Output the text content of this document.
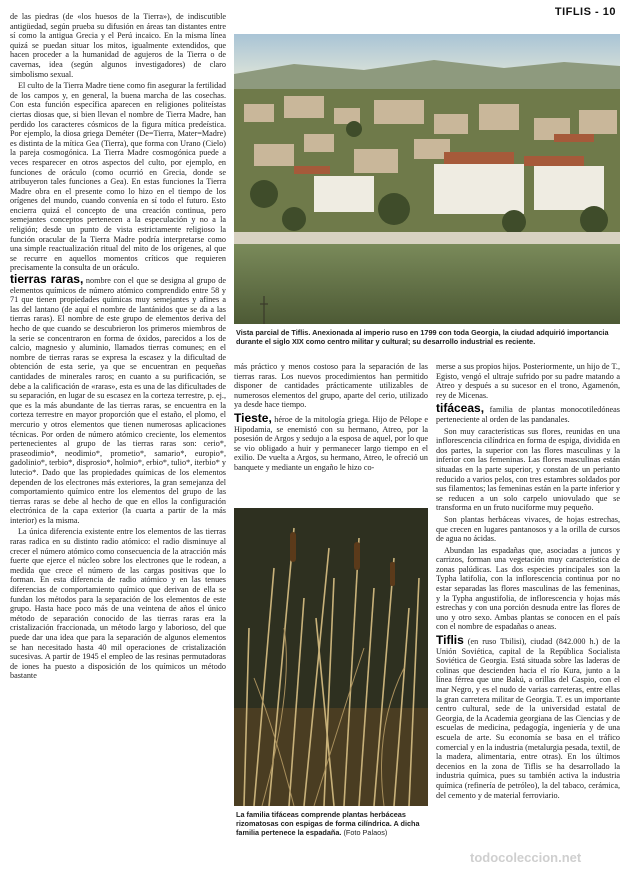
TIFLIS - 10

de las piedras (de «los huesos de la Tierra»), de indiscutible antigüedad, según prueba su difusión en áreas tan distantes entre sí como la antigua Grecia y el Perú incaico. En la misma línea quizá se puedan situar los mitos, igualmente extendidos, que hacen proceder a la humanidad de agujeros de la Tierra o de cavernas, idea (según algunos investigadores) de claro simbolismo sexual.

El culto de la Tierra Madre tiene como fin asegurar la fertilidad de los campos y, en general, la buena marcha de las cosechas. Con esta función específica aparecen en religiones politeístas ciertas diosas que, si bien llevan el nombre de Tierra Madre, han perdido los caracteres cósmicos de la figura mítica predeística. Por ejemplo, la diosa griega Deméter (De=Tierra, Mater=Madre) es distinta de la mítica Gea (Tierra), que forma con Urano (Cielo) la pareja cosmogónica. La Tierra Madre cosmogónica puede a veces resparecer en otros aspectos del culto, por ejemplo, en funciones de oráculo (como ocurrió en Grecia, donde se atribuyeron tales funciones a Gea). En estas funciones la Tierra Madre obra en el presente como lo hizo en el tiempo de los orígenes del mundo, cuando convenía en sí todo el futuro. Esto encierra quizá el concepto de una creación continua, pero semejantes conceptos pertenecen a la especulación y no a la religión; desde un punto de vista estrictamente religioso la función oracular de la Tierra Madre podría interpretarse como una simple reactualización ritual del mito de los orígenes, al que se recurre en aquellos momentos críticos que requieren precisamente la consulta de un oráculo.

tierras raras, nombre con el que se designa al grupo de elementos químicos de número atómico comprendido entre 58 y 71 que tienen propiedades químicas muy semejantes y afines a las del lantano (de aquí el nombre de lantánidos que se da a las tierras raras). El nombre de este grupo de elementos deriva del hecho de que cuando se descubrieron los primeros miembros de la serie se concentraron en forma de óxidos, parecidos a los de calcio, magnesio y aluminio, llamados tierras comunes; en el nombre de tierras raras se expresa la escasez y la dificultad de obtención de esta serie, ya que se encuentran en pequeñas cantidades de minerales raros; en cuanto a su purificación, se debe a la calificación de «raras», esta es una de las dificultades de su separación, en lugar de su escasez en la corteza terrestre, p. ej., que es la más abundante de las tierras raras, se encuentra en la corteza terrestre en mayor proporción que el estaño, el plomo, el mercurio y otros elementos que tienen numerosas aplicaciones técnicas. Por orden de número atómico creciente, los elementos pertenecientes al grupo de las tierras raras son: cerio*, praseodimio*, neodimio*, prometio*, samario*, europio*, gadolinio*, terbio*, disprosio*, holmio*, erbio*, tulio*, iterbio* y lutecio*. Dado que las propiedades químicas de los elementos dependen de los electrones más exteriores, la gran semejanza del comportamiento químico entre los elementos del grupo de las tierras raras se debe al hecho de que en ellos la configuración electrónica de la capa exterior (la cuarta a partir de la más interior) es la misma.

La única diferencia existente entre los elementos de las tierras raras radica en su distinto radio atómico: el radio disminuye al crecer el número atómico como consecuencia de la atracción más fuerte que ejerce el núcleo sobre los electrones que le rodean, a medida que crece el número de las cargas positivas que lo forman. En esta diferencia de radio atómico y en las tenues diferencias de comportamiento químico que derivan de ella se fundan los métodos para la separación de los elementos de este grupo. Hasta hace poco más de una veintena de años el único método de separación conocido de las tierras raras era la cristalización fraccionada, un método largo y laborioso, del que puede dar una idea que para la separación de algunos elementos se han necesitado hasta 40 mil operaciones de cristalización sucesivas. A partir de 1945 el empleo de las resinas permutadoras de iones ha puesto a disposición de los químicos un método bastante

Vista parcial de Tiflis. Anexionada al imperio ruso en 1799 con toda Georgia, la ciudad adquirió importancia durante el siglo XIX como centro militar y cultural; su desarrollo industrial es reciente.

más práctico y menos costoso para la separación de las tierras raras. Los nuevos procedimientos han permitido disponer de cantidades prácticamente utilizables de numerosos elementos del grupo, aparte del cerio, utilizado ya desde hace tiempo.

Tieste, héroe de la mitología griega. Hijo de Pélope e Hipodamia, se enemistó con su hermano, Atreo, por la posesión de Argos y sedujo a la esposa de aquel, por lo que se vio obligado a huir y permanecer largo tiempo en el exilio. De vuelta a Argos, su hermano, Atreo, le ofreció un banquete y mediante un engaño le hizo co-

La familia tifáceas comprende plantas herbáceas rizomatosas con espigas de forma cilíndrica. A dicha familia pertenece la espadaña. (Foto Palaos)

merse a sus propios hijos. Posteriormente, un hijo de T., Egisto, vengó el ultraje sufrido por su padre matando a Atreo y después a su sucesor en el trono, Agamenón, rey de Micenas.

tifáceas, familia de plantas monocotiledóneas perteneciente al orden de las pandanales.

Son muy características sus flores, reunidas en una inflorescencia cilíndrica en forma de espiga, dividida en dos partes, la superior con las flores masculinas y la inferior con las femeninas. Las flores masculinas están situadas en la parte superior, y constan de un perianto reducido a varios pelos, con tres estambres soldados por sus filamentos; las femeninas están en la parte inferior y se reducen a un solo carpelo uniovulado que se transforma en un fruto nuciforme muy pequeño.

Son plantas herbáceas vivaces, de hojas estrechas, que crecen en lugares pantanosos y a la orilla de cursos de agua no ácidas.

Abundan las espadañas que, asociadas a juncos y carrizos, forman una vegetación muy característica de zonas palúdicas. Las dos especies principales son la Typha latifolia, con la inflorescencia continua por no estar separadas las flores masculinas de las femeninas, y la Typha angustifolia, de inflorescencia y hojas más estrechas y con una porción desnuda entre las flores de uno y otro sexo. Ambas plantas se conocen en el país con el nombre de espadañas o aneas.

Tiflis (en ruso Tbilisi), ciudad (842.000 h.) de la Unión Soviética, capital de la República Socialista Soviética de Georgia. Está situada sobre las laderas de colinas que descienden hacia el río Kura, junto a la línea férrea que une Bakú, a orillas del Caspio, con el mar Negro, y es el nudo de varias carreteras, entre ellas la gran carretera militar de Georgia. T. es un importante centro cultural, sede de la universidad estatal de Georgia, de la Academia georgiana de las Ciencias y de escuelas de medicina, pedagogía, ingeniería y de una escuela de arte. Su economía se basa en el tráfico comercial y en la industria (metalurgia pesada, textil, de la madera, alimentaria, entre otras). En los últimos decenios en la zona de Tiflis se ha desarrollado la industria química, pues su también activa la industria química (refinería de petróleo), la del tabaco, cerámica, del cemento y de material ferroviario.

todocoleccion.net
